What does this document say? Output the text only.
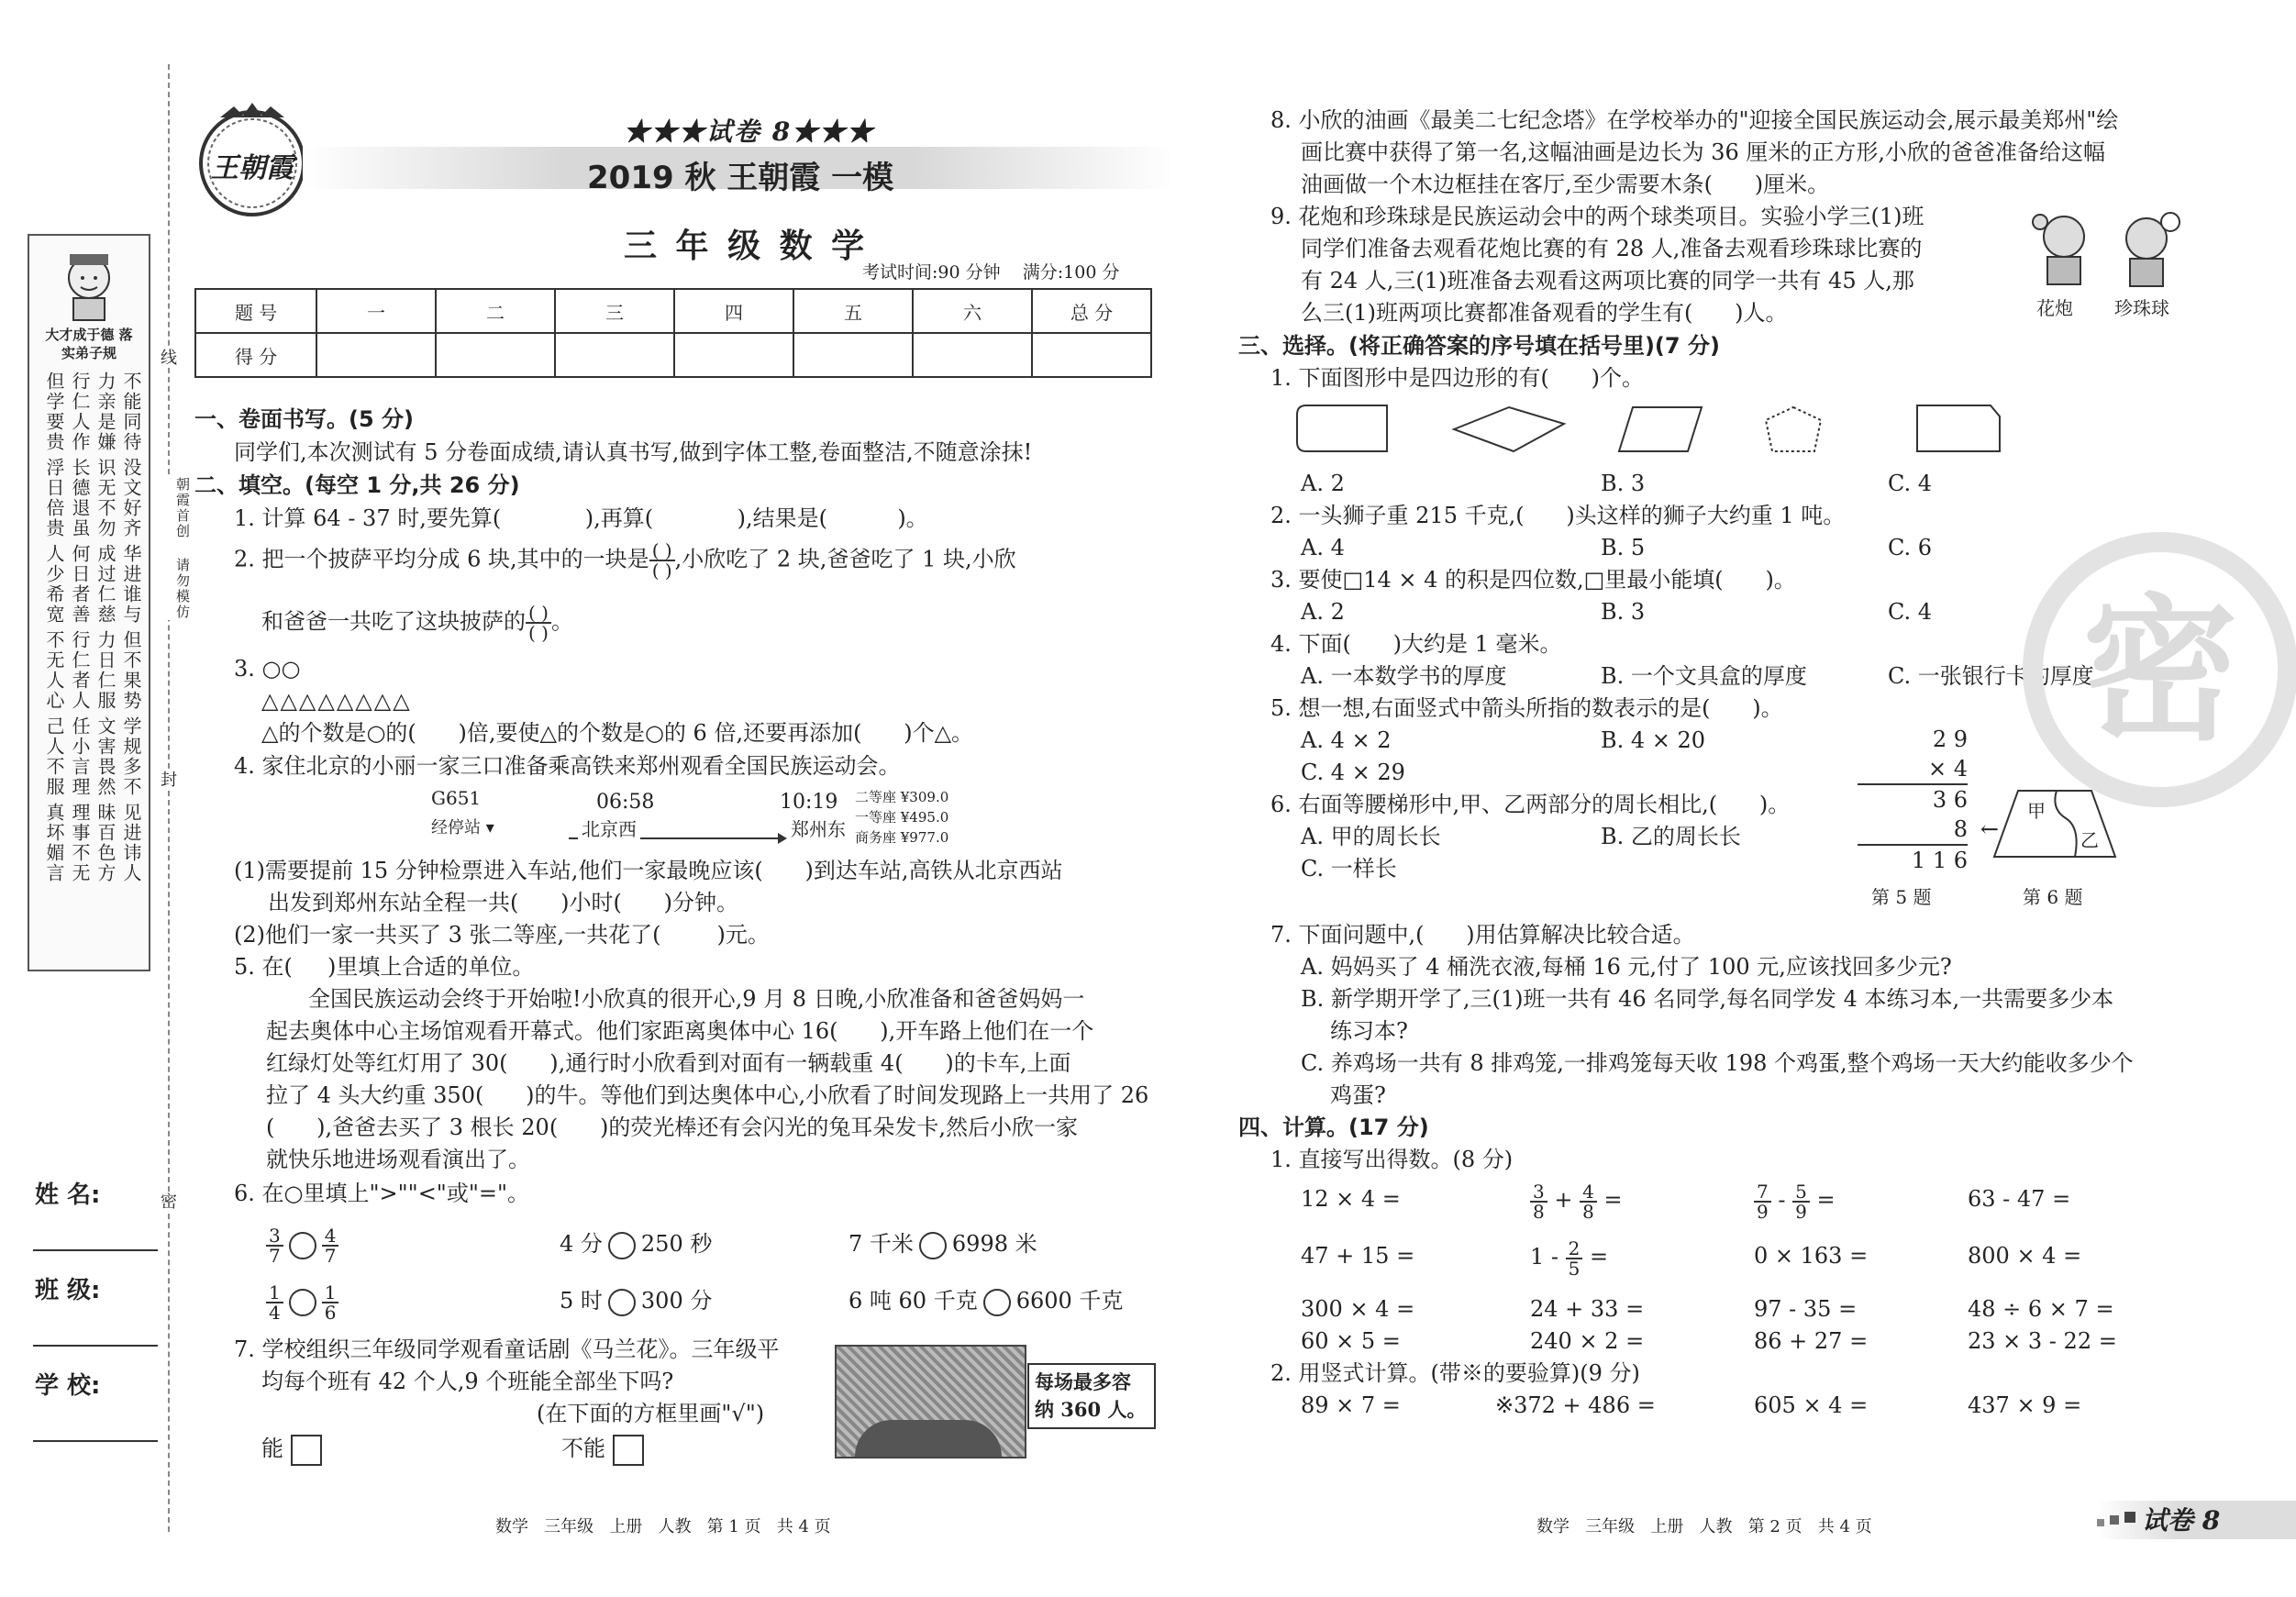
大才成于德 落实弟子规
不能同待
力亲是嫌
行仁人作
但学要贵
没文好齐
识无不勿
长德退虽
浮日倍贵
华进谁与
成过仁慈
何日者善
人少希宽
但不果势
力日仁服
行仁者人
不无人心
学规多不
文害畏然
任小言理
己人不服
见进讳人
昧百色方
理事不无
真坏媚言
线
朝霞首创 请勿模仿
封
密
姓 名:
班 级:
学 校:
王朝霞
★★★试卷 8★★★
2019 秋 王朝霞 一模
三 年 级 数 学
考试时间:90 分钟    满分:100 分
题 号	一	二	三	四	五	六	总 分
得 分							
一、卷面书写。(5 分)
同学们,本次测试有 5 分卷面成绩,请认真书写,做到字体工整,卷面整洁,不随意涂抹!
二、填空。(每空 1 分,共 26 分)
1. 计算 64 - 37 时,要先算(            ),再算(            ),结果是(          )。
2. 把一个披萨平均分成 6 块,其中的一块是 $\frac{( )}{( )}$ ,小欣吃了 2 块,爸爸吃了 1 块,小欣
和爸爸一共吃了这块披萨的 $\frac{( )}{( )}$ 。
3. ○○
△△△△△△△△
△的个数是○的(      )倍,要使△的个数是○的 6 倍,还要再添加(      )个△。
4. 家住北京的小丽一家三口准备乘高铁来郑州观看全国民族运动会。
G651
经停站 ▾
06:58	10:19
北京西	郑州东
二等座 ¥309.0
一等座 ¥495.0
商务座 ¥977.0
(1)需要提前 15 分钟检票进入车站,他们一家最晚应该(      )到达车站,高铁从北京西站
出发到郑州东站全程一共(      )小时(      )分钟。
(2)他们一家一共买了 3 张二等座,一共花了(        )元。
5. 在(     )里填上合适的单位。
全国民族运动会终于开始啦!小欣真的很开心,9 月 8 日晚,小欣准备和爸爸妈妈一
起去奥体中心主场馆观看开幕式。他们家距离奥体中心 16(      ),开车路上他们在一个
红绿灯处等红灯用了 30(      ),通行时小欣看到对面有一辆载重 4(      )的卡车,上面
拉了 4 头大约重 350(      )的牛。等他们到达奥体中心,小欣看了时间发现路上一共用了 26
(      ),爸爸去买了 3 根长 20(      )的荧光棒还有会闪光的兔耳朵发卡,然后小欣一家
就快乐地进场观看演出了。
6. 在○里填上">""<"或"="。
$\frac{3}{7} \frac{4}{7}$	4 分 250 秒	7 千米 6998 米
$\frac{1}{4} \frac{1}{6}$	5 时 300 分	6 吨 60 千克 6600 千克
7. 学校组织三年级同学观看童话剧《马兰花》。三年级平
均每个班有 42 个人,9 个班能全部坐下吗?
(在下面的方框里画"√")
能	不能
每场最多容纳 360 人。
数学   三年级   上册   人教   第 1 页   共 4 页
8. 小欣的油画《最美二七纪念塔》在学校举办的"迎接全国民族运动会,展示最美郑州"绘
画比赛中获得了第一名,这幅油画是边长为 36 厘米的正方形,小欣的爸爸准备给这幅
油画做一个木边框挂在客厅,至少需要木条(      )厘米。
9. 花炮和珍珠球是民族运动会中的两个球类项目。实验小学三(1)班
同学们准备去观看花炮比赛的有 28 人,准备去观看珍珠球比赛的
有 24 人,三(1)班准备去观看这两项比赛的同学一共有 45 人,那
么三(1)班两项比赛都准备观看的学生有(      )人。	花炮 珍珠球
三、选择。(将正确答案的序号填在括号里)(7 分)
1. 下面图形中是四边形的有(      )个。
A. 2	B. 3	C. 4
2. 一头狮子重 215 千克,(      )头这样的狮子大约重 1 吨。
A. 4	B. 5	C. 6
3. 要使□14 × 4 的积是四位数,□里最小能填(      )。
A. 2	B. 3	C. 4
4. 下面(      )大约是 1 毫米。
A. 一本数学书的厚度	B. 一个文具盒的厚度	C. 一张银行卡的厚度
5. 想一想,右面竖式中箭头所指的数表示的是(      )。
A. 4 × 2	B. 4 × 20
C. 4 × 29
6. 右面等腰梯形中,甲、乙两部分的周长相比,(      )。
A. 甲的周长长	B. 乙的周长长
C. 一样长
2 9
× 4
3 6
8 ←
1 1 6
甲
乙
第 5 题	第 6 题
7. 下面问题中,(      )用估算解决比较合适。
A. 妈妈买了 4 桶洗衣液,每桶 16 元,付了 100 元,应该找回多少元?
B. 新学期开学了,三(1)班一共有 46 名同学,每名同学发 4 本练习本,一共需要多少本
练习本?
C. 养鸡场一共有 8 排鸡笼,一排鸡笼每天收 198 个鸡蛋,整个鸡场一天大约能收多少个
鸡蛋?
四、计算。(17 分)
1. 直接写出得数。(8 分)
12 × 4 =	$\frac{3}{8} + \frac{4}{8}$ =	$\frac{7}{9} - \frac{5}{9}$ =	63 - 47 =
47 + 15 =	$1 - \frac{2}{5}$ =	0 × 163 =	800 × 4 =
300 × 4 =	24 + 33 =	97 - 35 =	48 ÷ 6 × 7 =
60 × 5 =	240 × 2 =	86 + 27 =	23 × 3 - 22 =
2. 用竖式计算。(带※的要验算)(9 分)
89 × 7 =	※372 + 486 =	605 × 4 =	437 × 9 =
密
数学   三年级   上册   人教   第 2 页   共 4 页	试卷 8
